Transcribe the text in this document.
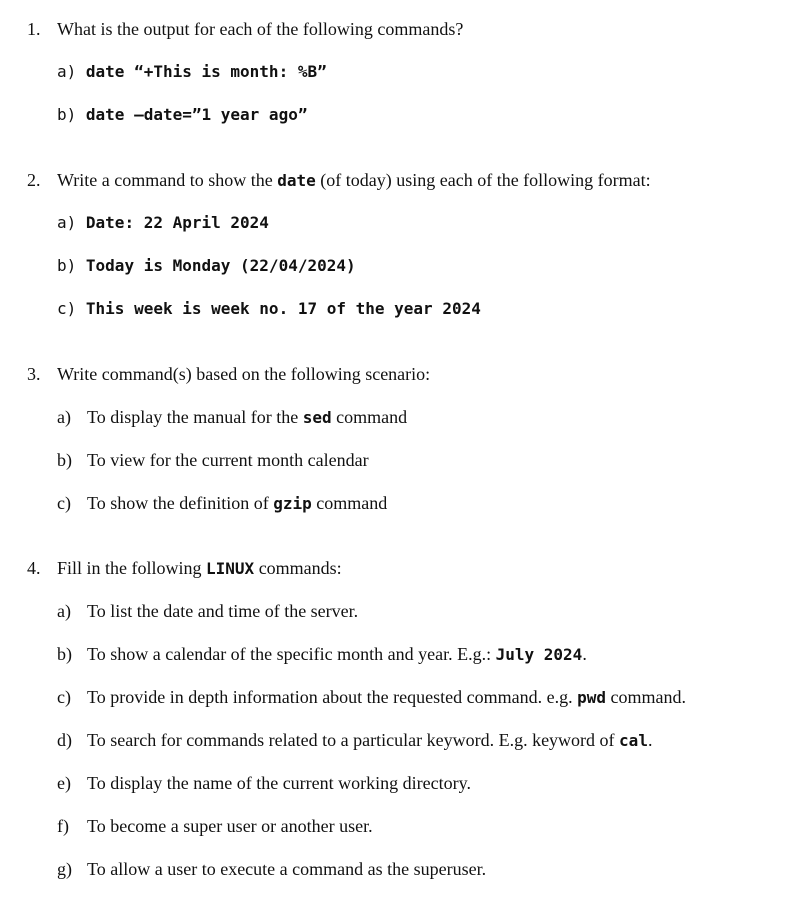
1. What is the output for each of the following commands?
a) date “+This is month: %B”
b) date –date=”1 year ago”
2. Write a command to show the date (of today) using each of the following format:
a) Date: 22 April 2024
b) Today is Monday (22/04/2024)
c) This week is week no. 17 of the year 2024
3. Write command(s) based on the following scenario:
a) To display the manual for the sed command
b) To view for the current month calendar
c) To show the definition of gzip command
4. Fill in the following LINUX commands:
a) To list the date and time of the server.
b) To show a calendar of the specific month and year. E.g.: July 2024.
c) To provide in depth information about the requested command. e.g. pwd command.
d) To search for commands related to a particular keyword. E.g. keyword of cal.
e) To display the name of the current working directory.
f) To become a super user or another user.
g) To allow a user to execute a command as the superuser.
